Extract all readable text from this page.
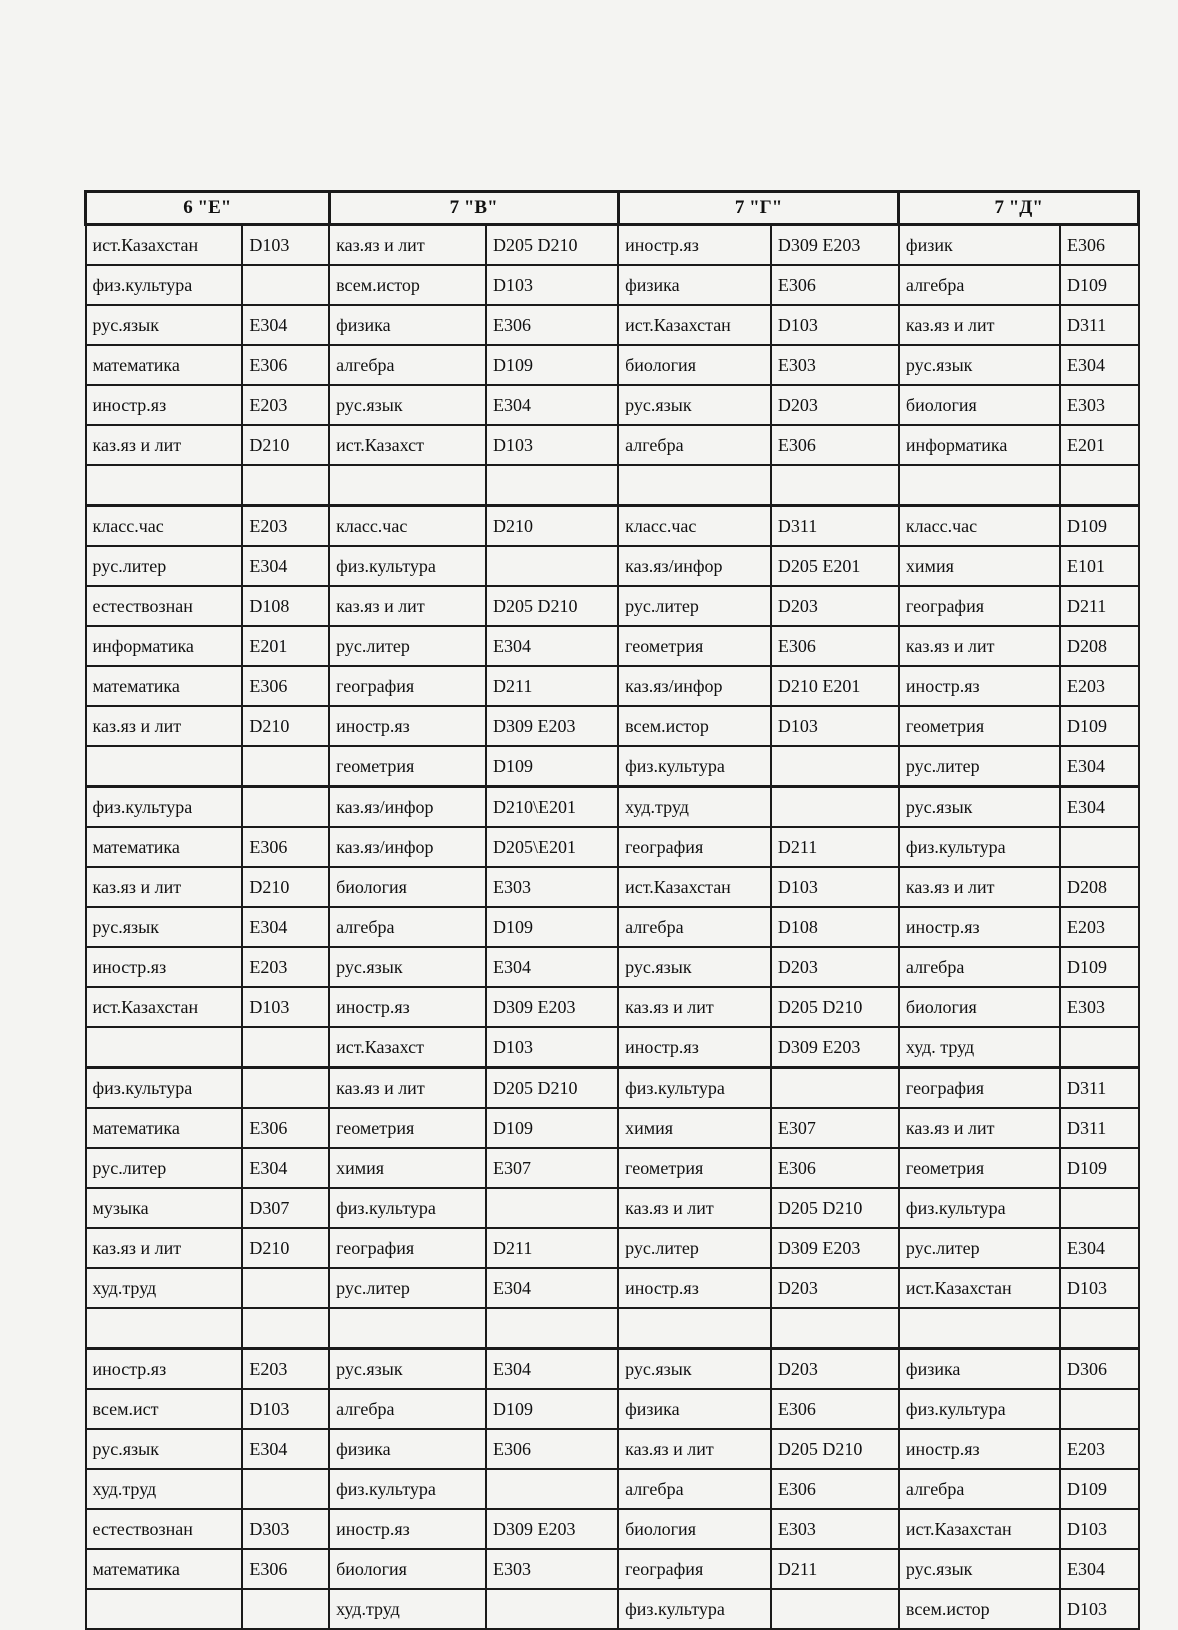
6 "Е"		7 "В"		7 "Г"		7 "Д"	
ист.Казахстан	D103	каз.яз и лит	D205 D210	иностр.яз	D309 E203	физик	E306
физ.культура		всем.истор	D103	физика	E306	алгебра	D109
рус.язык	E304	физика	E306	ист.Казахстан	D103	каз.яз и лит	D311
математика	E306	алгебра	D109	биология	E303	рус.язык	E304
иностр.яз	E203	рус.язык	E304	рус.язык	D203	биология	E303
каз.яз и лит	D210	ист.Казахст	D103	алгебра	E306	информатика	E201

класс.час	E203	класс.час	D210	класс.час	D311	класс.час	D109
рус.литер	E304	физ.культура		каз.яз/инфор	D205 E201	химия	E101
естествознан	D108	каз.яз и лит	D205 D210	рус.литер	D203	география	D211
информатика	E201	рус.литер	E304	геометрия	E306	каз.яз и лит	D208
математика	E306	география	D211	каз.яз/инфор	D210 E201	иностр.яз	E203
каз.яз и лит	D210	иностр.яз	D309 E203	всем.истор	D103	геометрия	D109
		геометрия	D109	физ.культура		рус.литер	E304
физ.культура		каз.яз/инфор	D210\E201	худ.труд		рус.язык	E304
математика	E306	каз.яз/инфор	D205\E201	география	D211	физ.культура	
каз.яз и лит	D210	биология	E303	ист.Казахстан	D103	каз.яз и лит	D208
рус.язык	E304	алгебра	D109	алгебра	D108	иностр.яз	E203
иностр.яз	E203	рус.язык	E304	рус.язык	D203	алгебра	D109
ист.Казахстан	D103	иностр.яз	D309 E203	каз.яз и лит	D205 D210	биология	E303
		ист.Казахст	D103	иностр.яз	D309 E203	худ. труд	
физ.культура		каз.яз и лит	D205 D210	физ.культура		география	D311
математика	E306	геометрия	D109	химия	E307	каз.яз и лит	D311
рус.литер	E304	химия	E307	геометрия	E306	геометрия	D109
музыка	D307	физ.культура		каз.яз и лит	D205 D210	физ.культура	
каз.яз и лит	D210	география	D211	рус.литер	D309 E203	рус.литер	E304
худ.труд		рус.литер	E304	иностр.яз	D203	ист.Казахстан	D103

иностр.яз	E203	рус.язык	E304	рус.язык	D203	физика	D306
всем.ист	D103	алгебра	D109	физика	E306	физ.культура	
рус.язык	E304	физика	E306	каз.яз и лит	D205 D210	иностр.яз	E203
худ.труд		физ.культура		алгебра	E306	алгебра	D109
естествознан	D303	иностр.яз	D309 E203	биология	E303	ист.Казахстан	D103
математика	E306	биология	E303	география	D211	рус.язык	E304
		худ.труд		физ.культура		всем.истор	D103
